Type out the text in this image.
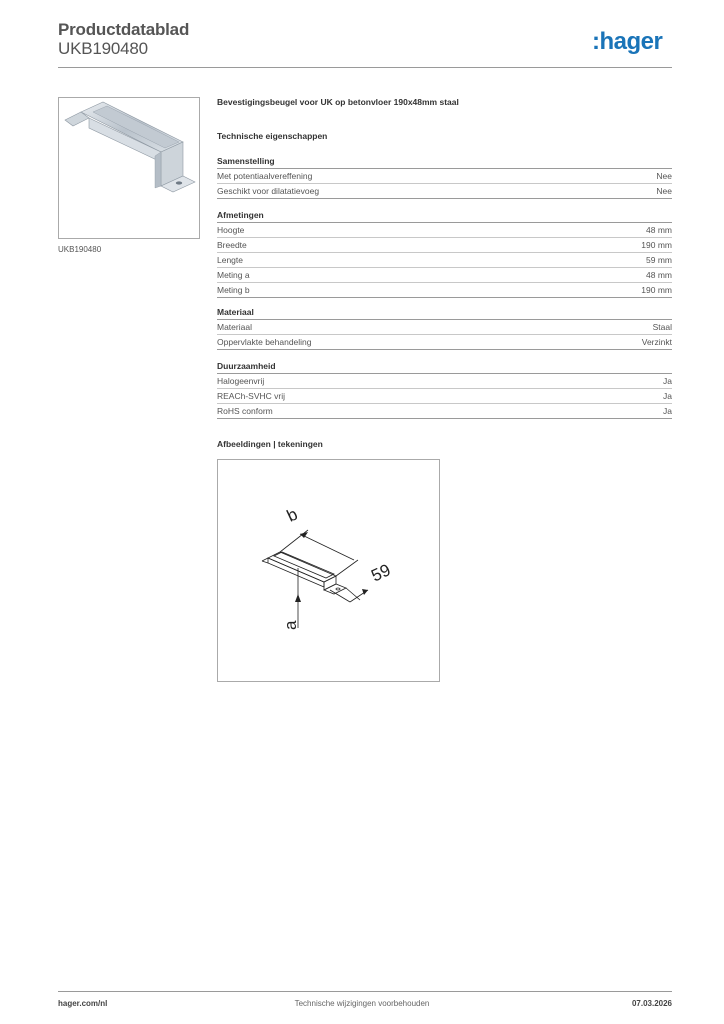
Productdatablad
UKB190480	:hager
UKB190480
Bevestigingsbeugel voor UK op betonvloer 190x48mm staal
Technische eigenschappen
Samenstelling
Met potentiaalvereffening	Nee
Geschikt voor dilatatievoeg	Nee
Afmetingen
Hoogte	48 mm
Breedte	190 mm
Lengte	59 mm
Meting a	48 mm
Meting b	190 mm
Materiaal
Materiaal	Staal
Oppervlakte behandeling	Verzinkt
Duurzaamheid
Halogeenvrij	Ja
REACh-SVHC vrij	Ja
RoHS conform	Ja
Afbeeldingen | tekeningen
b
59
a
hager.com/nl	Technische wijzigingen voorbehouden	07.03.2026
